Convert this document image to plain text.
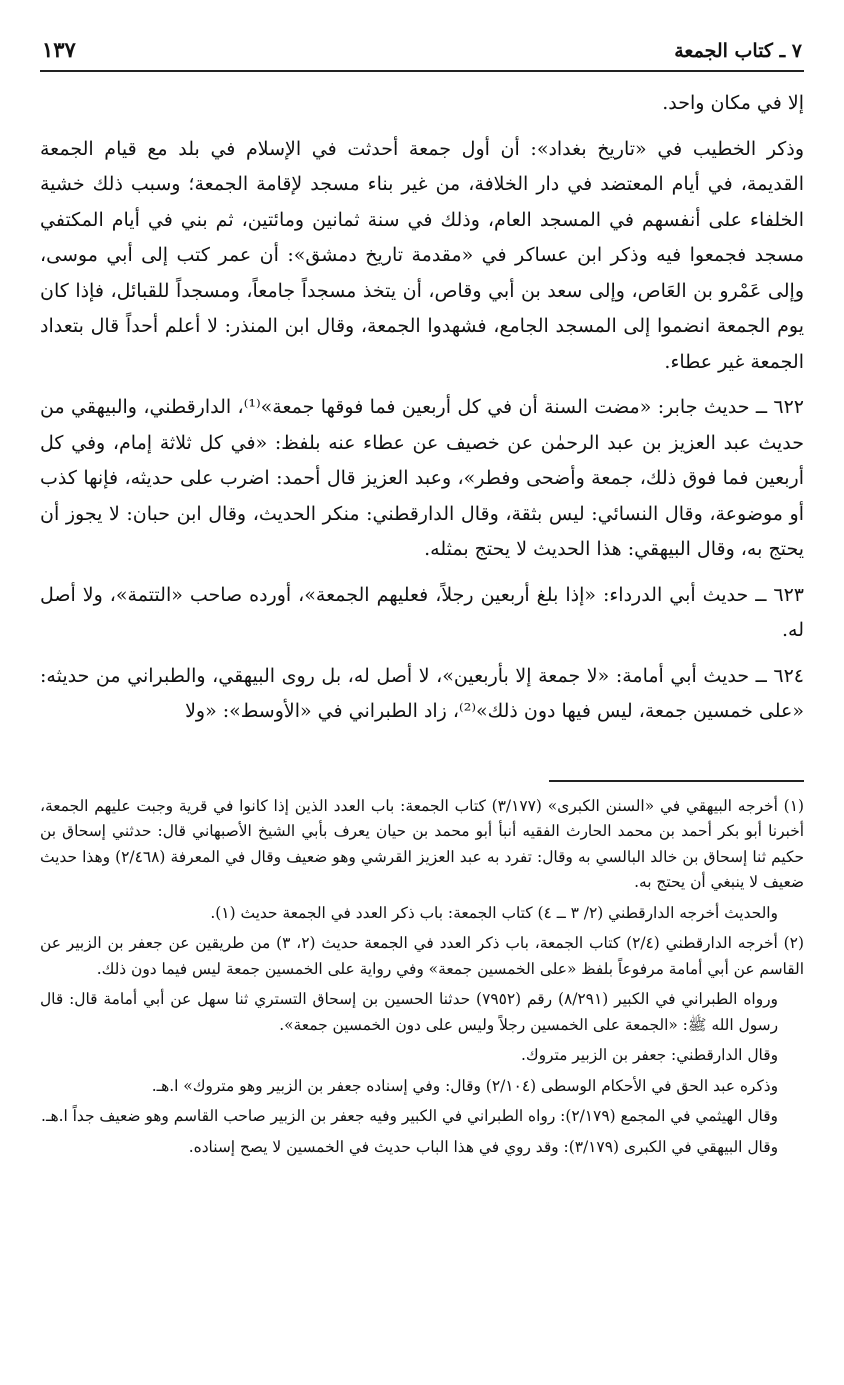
٧ ـ كتاب الجمعة
١٣٧

إلا في مكان واحد.

وذكر الخطيب في «تاريخ بغداد»: أن أول جمعة أحدثت في الإسلام في بلد مع قيام الجمعة القديمة، في أيام المعتضد في دار الخلافة، من غير بناء مسجد لإقامة الجمعة؛ وسبب ذلك خشية الخلفاء على أنفسهم في المسجد العام، وذلك في سنة ثمانين ومائتين، ثم بني في أيام المكتفي مسجد فجمعوا فيه وذكر ابن عساكر في «مقدمة تاريخ دمشق»: أن عمر كتب إلى أبي موسى، وإلى عَمْرو بن العَاص، وإلى سعد بن أبي وقاص، أن يتخذ مسجداً جامعاً، ومسجداً للقبائل، فإذا كان يوم الجمعة انضموا إلى المسجد الجامع، فشهدوا الجمعة، وقال ابن المنذر: لا أعلم أحداً قال بتعداد الجمعة غير عطاء.

٦٢٢ ــ حديث جابر: «مضت السنة أن في كل أربعين فما فوقها جمعة»⁽¹⁾، الدارقطني، والبيهقي من حديث عبد العزيز بن عبد الرحمٰن عن خصيف عن عطاء عنه بلفظ: «في كل ثلاثة إمام، وفي كل أربعين فما فوق ذلك، جمعة وأضحى وفطر»، وعبد العزيز قال أحمد: اضرب على حديثه، فإنها كذب أو موضوعة، وقال النسائي: ليس بثقة، وقال الدارقطني: منكر الحديث، وقال ابن حبان: لا يجوز أن يحتج به، وقال البيهقي: هذا الحديث لا يحتج بمثله.

٦٢٣ ــ حديث أبي الدرداء: «إذا بلغ أربعين رجلاً، فعليهم الجمعة»، أورده صاحب «التتمة»، ولا أصل له.

٦٢٤ ــ حديث أبي أمامة: «لا جمعة إلا بأربعين»، لا أصل له، بل روى البيهقي، والطبراني من حديثه: «على خمسين جمعة، ليس فيها دون ذلك»⁽²⁾، زاد الطبراني في «الأوسط»: «ولا

(١) أخرجه البيهقي في «السنن الكبرى» (٣/١٧٧) كتاب الجمعة: باب العدد الذين إذا كانوا في قرية وجبت عليهم الجمعة، أخبرنا أبو بكر أحمد بن محمد الحارث الفقيه أنبأ أبو محمد بن حيان يعرف بأبي الشيخ الأصبهاني قال: حدثني إسحاق بن حكيم ثنا إسحاق بن خالد البالسي به وقال: تفرد به عبد العزيز القرشي وهو ضعيف وقال في المعرفة (٢/٤٦٨) وهذا حديث ضعيف لا ينبغي أن يحتج به.

والحديث أخرجه الدارقطني (٢/ ٣ ــ ٤) كتاب الجمعة: باب ذكر العدد في الجمعة حديث (١).

(٢) أخرجه الدارقطني (٢/٤) كتاب الجمعة، باب ذكر العدد في الجمعة حديث (٢، ٣) من طريقين عن جعفر بن الزبير عن القاسم عن أبي أمامة مرفوعاً بلفظ «على الخمسين جمعة» وفي رواية على الخمسين جمعة ليس فيما دون ذلك.

ورواه الطبراني في الكبير (٨/٢٩١) رقم (٧٩٥٢) حدثنا الحسين بن إسحاق التستري ثنا سهل عن أبي أمامة قال: قال رسول الله ﷺ: «الجمعة على الخمسين رجلاً وليس على دون الخمسين جمعة».

وقال الدارقطني: جعفر بن الزبير متروك.

وذكره عبد الحق في الأحكام الوسطى (٢/١٠٤) وقال: وفي إسناده جعفر بن الزبير وهو متروك» ا.هـ.

وقال الهيثمي في المجمع (٢/١٧٩): رواه الطبراني في الكبير وفيه جعفر بن الزبير صاحب القاسم وهو ضعيف جداً ا.هـ.

وقال البيهقي في الكبرى (٣/١٧٩): وقد روي في هذا الباب حديث في الخمسين لا يصح إسناده.
